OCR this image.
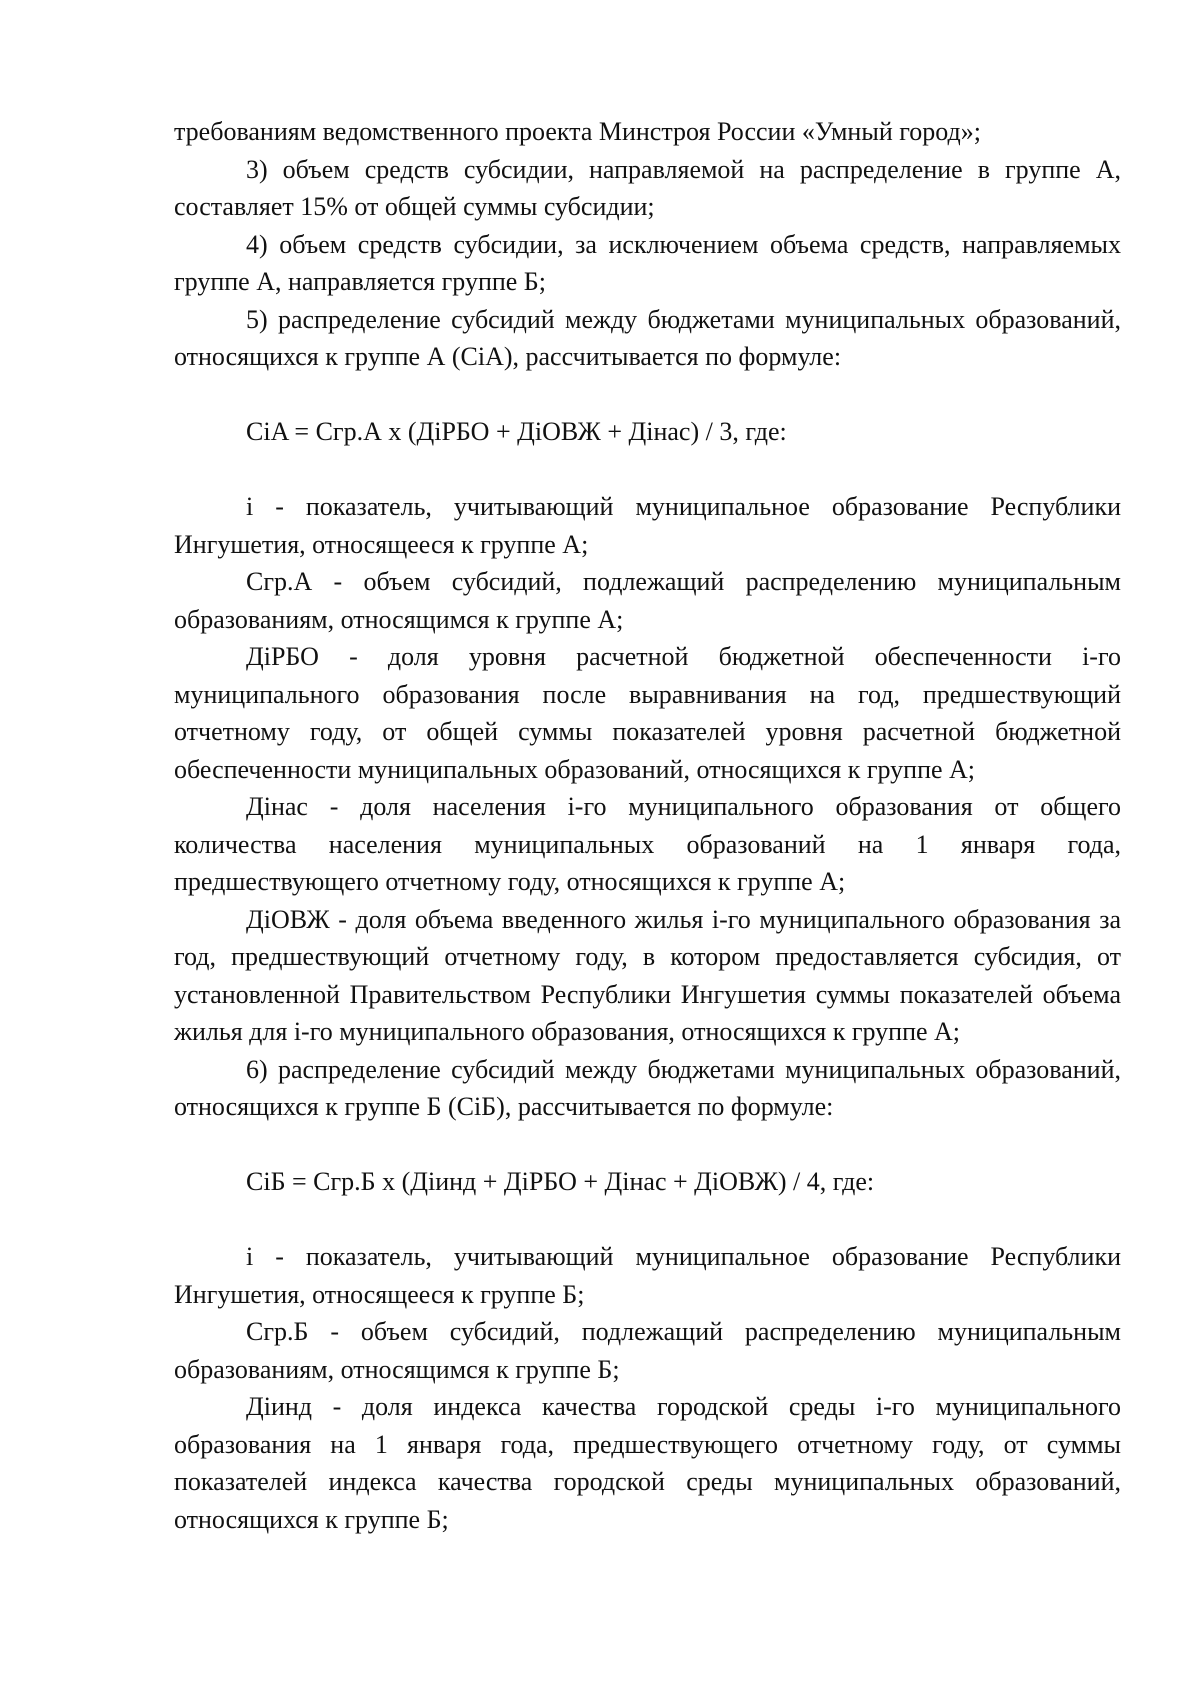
требованиям ведомственного проекта Минстроя России «Умный город»;

3) объем средств субсидии, направляемой на распределение в группе А, составляет 15% от общей суммы субсидии;

4) объем средств субсидии, за исключением объема средств, направляемых группе А, направляется группе Б;

5) распределение субсидий между бюджетами муниципальных образований, относящихся к группе А (CiA), рассчитывается по формуле:

CiA = Cгр.А х (ДiРБО + ДiОВЖ + Дiнас) / 3, где:

i - показатель, учитывающий муниципальное образование Республики Ингушетия, относящееся к группе А;

Сгр.А - объем субсидий, подлежащий распределению муниципальным образованиям, относящимся к группе А;

ДiРБО - доля уровня расчетной бюджетной обеспеченности i-го муниципального образования после выравнивания на год, предшествующий отчетному году, от общей суммы показателей уровня расчетной бюджетной обеспеченности муниципальных образований, относящихся к группе А;

Дiнас - доля населения i-го муниципального образования от общего количества населения муниципальных образований на 1 января года, предшествующего отчетному году, относящихся к группе А;

ДiОВЖ - доля объема введенного жилья i-го муниципального образования за год, предшествующий отчетному году, в котором предоставляется субсидия, от установленной Правительством Республики Ингушетия суммы показателей объема жилья для i-го муниципального образования, относящихся к группе А;

6) распределение субсидий между бюджетами муниципальных образований, относящихся к группе Б (CiБ), рассчитывается по формуле:

CiБ = Cгр.Б х (Дiинд + ДiРБО + Дiнас + ДiОВЖ) / 4, где:

i - показатель, учитывающий муниципальное образование Республики Ингушетия, относящееся к группе Б;

Сгр.Б - объем субсидий, подлежащий распределению муниципальным образованиям, относящимся к группе Б;

Дiинд - доля индекса качества городской среды i-го муниципального образования на 1 января года, предшествующего отчетному году, от суммы показателей индекса качества городской среды муниципальных образований, относящихся к группе Б;
